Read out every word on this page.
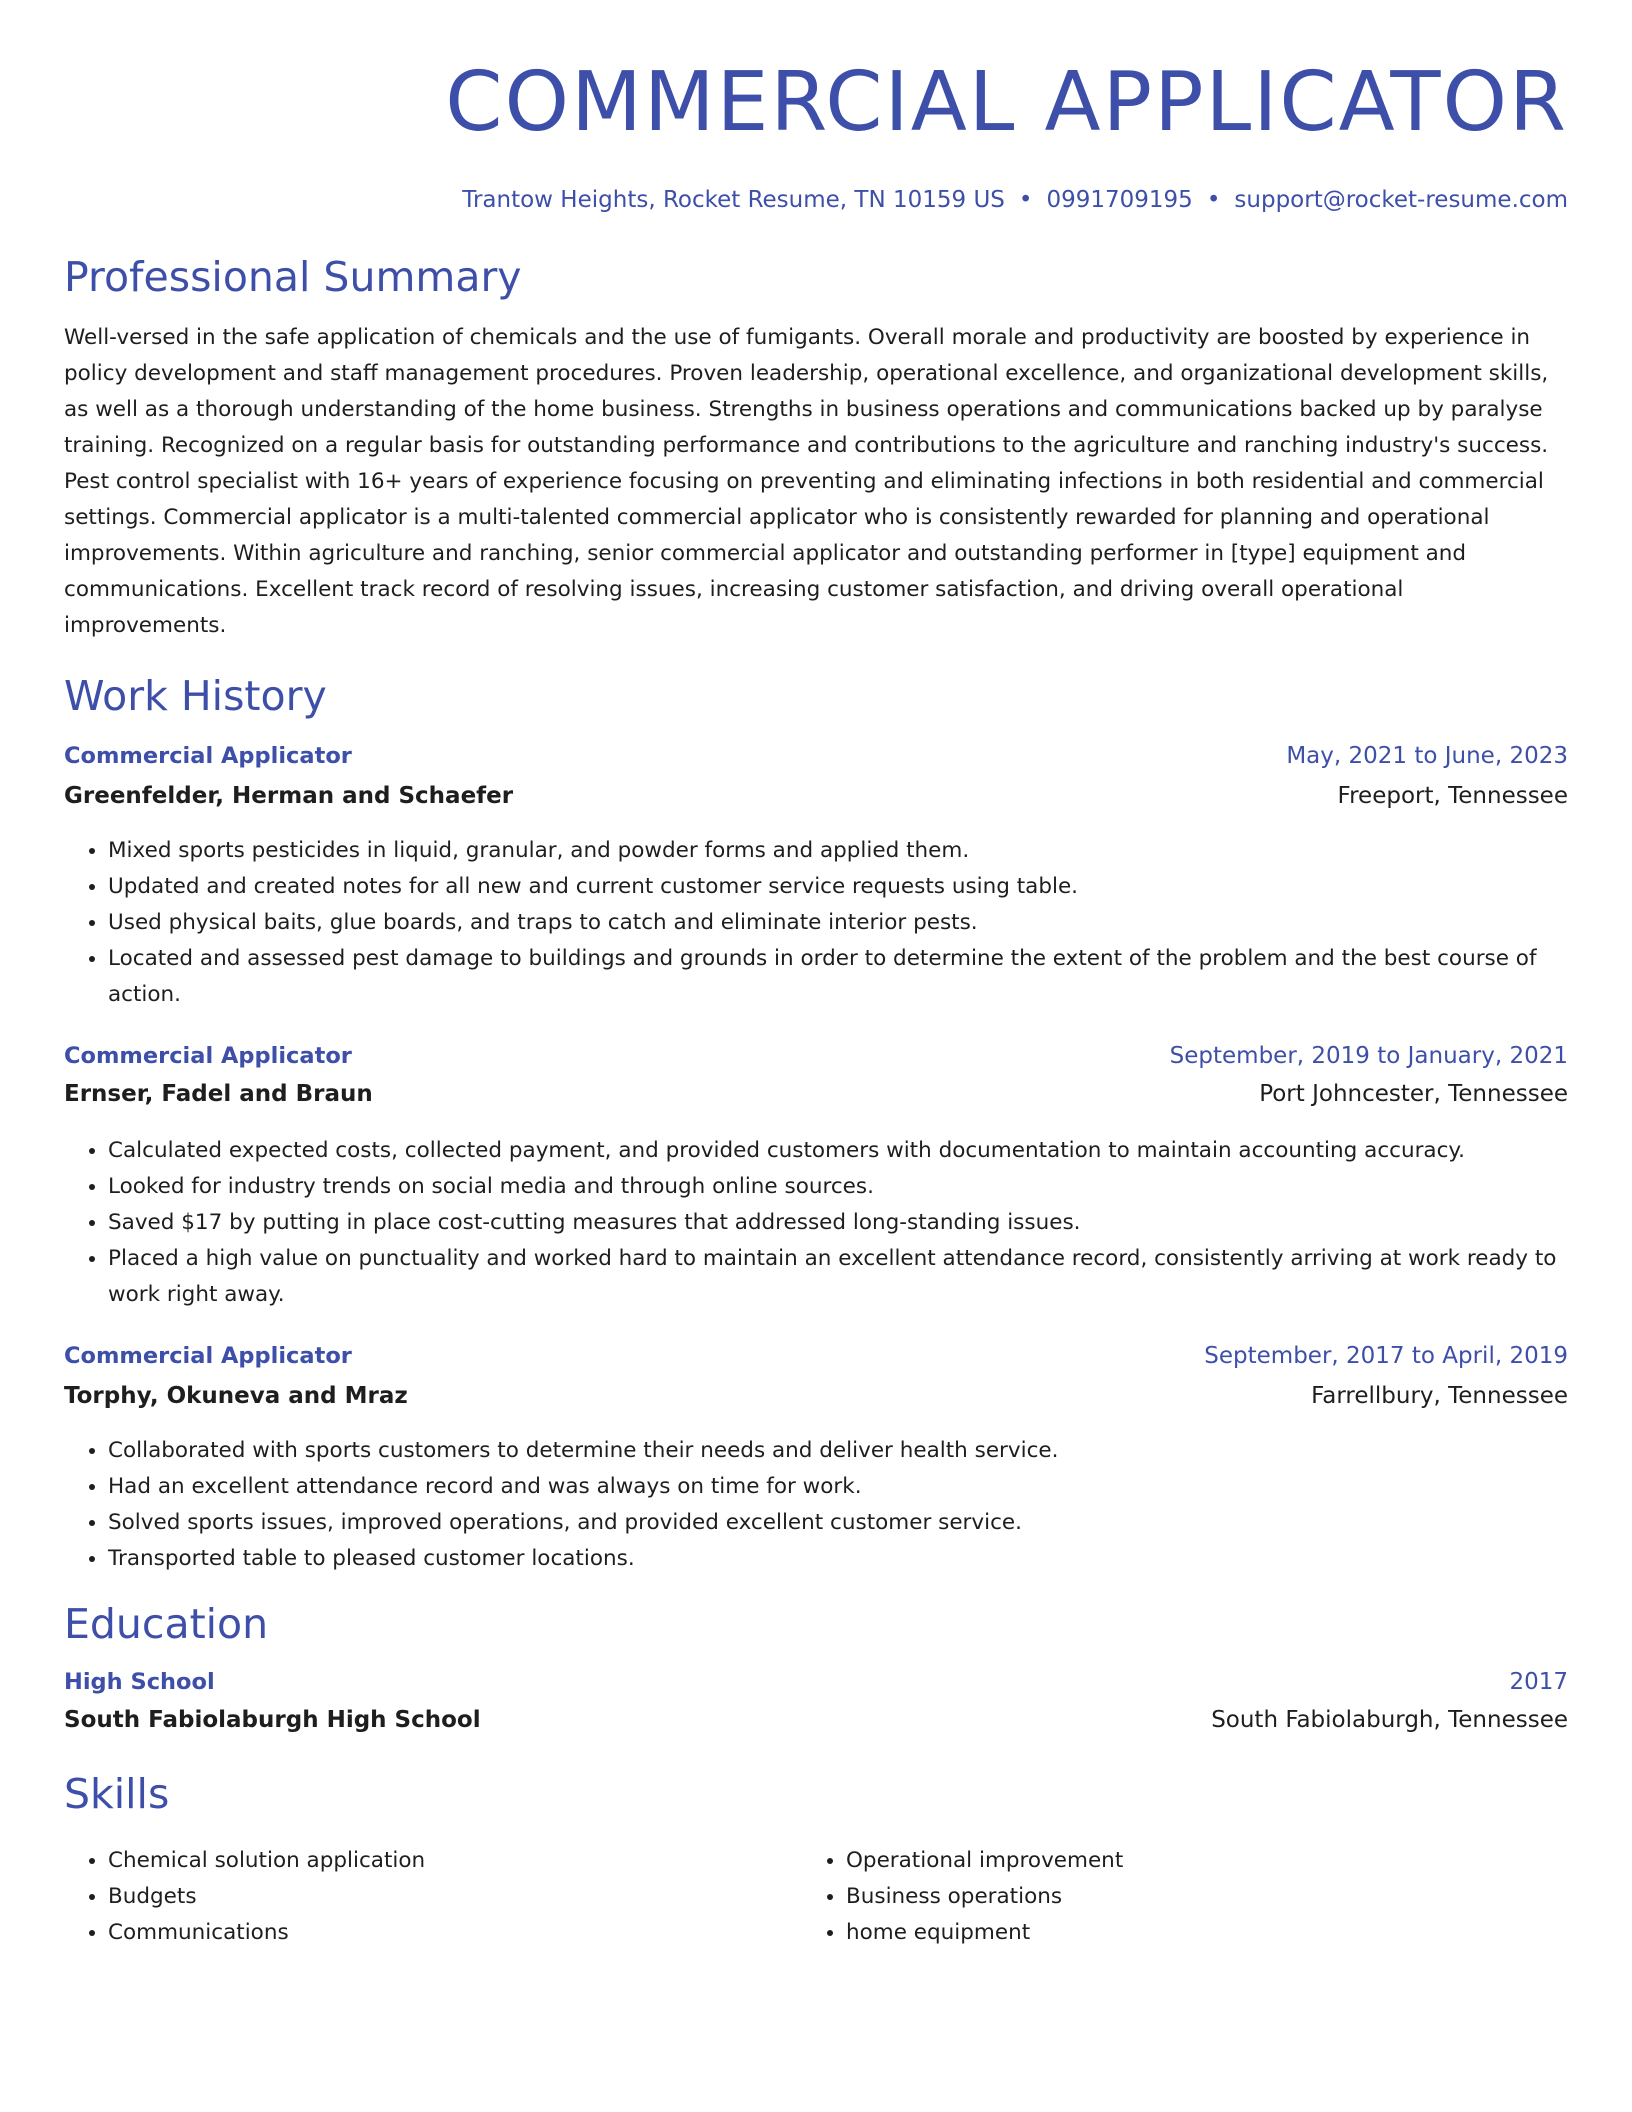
COMMERCIAL APPLICATOR
Trantow Heights, Rocket Resume, TN 10159 US • 0991709195 • support@rocket-resume.com
Professional Summary
Well-versed in the safe application of chemicals and the use of fumigants. Overall morale and productivity are boosted by experience in policy development and staff management procedures. Proven leadership, operational excellence, and organizational development skills, as well as a thorough understanding of the home business. Strengths in business operations and communications backed up by paralyse training. Recognized on a regular basis for outstanding performance and contributions to the agriculture and ranching industry's success. Pest control specialist with 16+ years of experience focusing on preventing and eliminating infections in both residential and commercial settings. Commercial applicator is a multi-talented commercial applicator who is consistently rewarded for planning and operational improvements. Within agriculture and ranching, senior commercial applicator and outstanding performer in [type] equipment and communications. Excellent track record of resolving issues, increasing customer satisfaction, and driving overall operational improvements.
Work History
Commercial Applicator	May, 2021 to June, 2023
Greenfelder, Herman and Schaefer	Freeport, Tennessee
• Mixed sports pesticides in liquid, granular, and powder forms and applied them.
• Updated and created notes for all new and current customer service requests using table.
• Used physical baits, glue boards, and traps to catch and eliminate interior pests.
• Located and assessed pest damage to buildings and grounds in order to determine the extent of the problem and the best course of action.
Commercial Applicator	September, 2019 to January, 2021
Ernser, Fadel and Braun	Port Johncester, Tennessee
• Calculated expected costs, collected payment, and provided customers with documentation to maintain accounting accuracy.
• Looked for industry trends on social media and through online sources.
• Saved $17 by putting in place cost-cutting measures that addressed long-standing issues.
• Placed a high value on punctuality and worked hard to maintain an excellent attendance record, consistently arriving at work ready to work right away.
Commercial Applicator	September, 2017 to April, 2019
Torphy, Okuneva and Mraz	Farrellbury, Tennessee
• Collaborated with sports customers to determine their needs and deliver health service.
• Had an excellent attendance record and was always on time for work.
• Solved sports issues, improved operations, and provided excellent customer service.
• Transported table to pleased customer locations.
Education
High School	2017
South Fabiolaburgh High School	South Fabiolaburgh, Tennessee
Skills
• Chemical solution application
• Budgets
• Communications
• Operational improvement
• Business operations
• home equipment
